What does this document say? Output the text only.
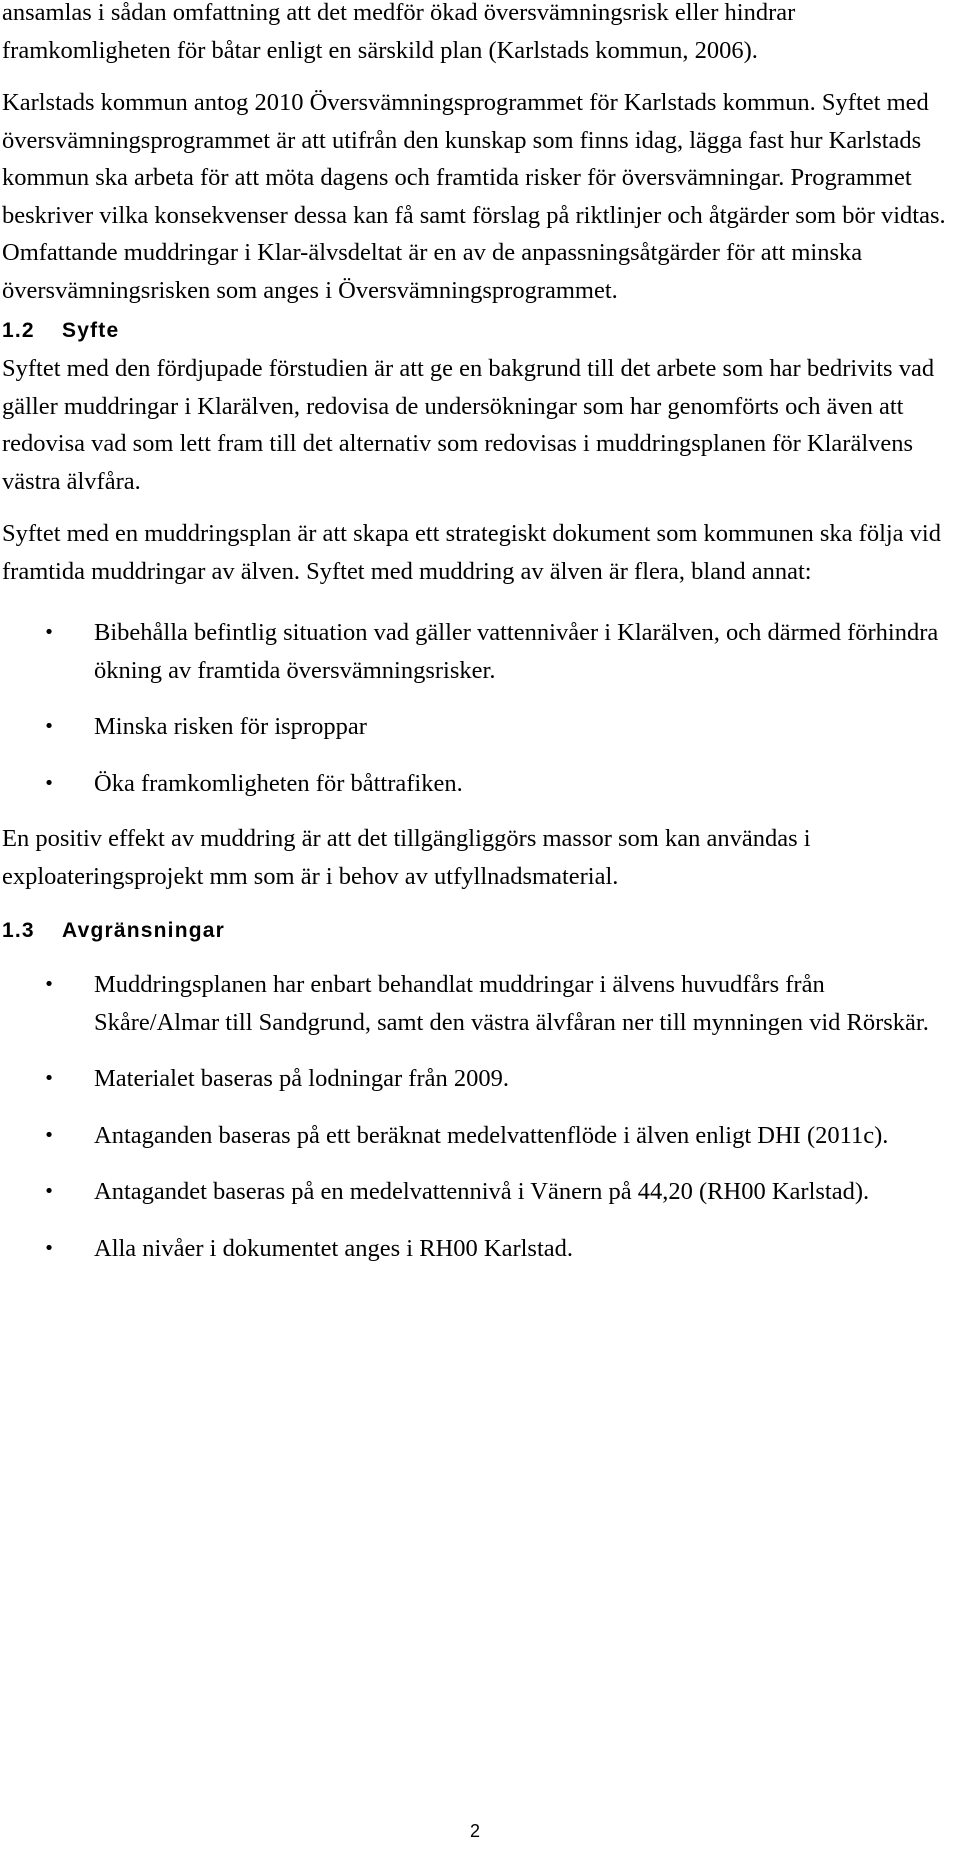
ansamlas i sådan omfattning att det medför ökad översvämningsrisk eller hindrar framkomligheten för båtar enligt en särskild plan (Karlstads kommun, 2006).

Karlstads kommun antog 2010 Översvämningsprogrammet för Karlstads kommun. Syftet med översvämningsprogrammet är att utifrån den kunskap som finns idag, lägga fast hur Karlstads kommun ska arbeta för att möta dagens och framtida risker för översvämningar. Programmet beskriver vilka konsekvenser dessa kan få samt förslag på riktlinjer och åtgärder som bör vidtas. Omfattande muddringar i Klar-älvsdeltat är en av de anpassningsåtgärder för att minska översvämningsrisken som anges i Översvämningsprogrammet.

1.2 Syfte

Syftet med den fördjupade förstudien är att ge en bakgrund till det arbete som har bedrivits vad gäller muddringar i Klarälven, redovisa de undersökningar som har genomförts och även att redovisa vad som lett fram till det alternativ som redovisas i muddringsplanen för Klarälvens västra älvfåra.

Syftet med en muddringsplan är att skapa ett strategiskt dokument som kommunen ska följa vid framtida muddringar av älven. Syftet med muddring av älven är flera, bland annat:

• Bibehålla befintlig situation vad gäller vattennivåer i Klarälven, och därmed förhindra ökning av framtida översvämningsrisker.
• Minska risken för isproppar
• Öka framkomligheten för båttrafiken.

En positiv effekt av muddring är att det tillgängliggörs massor som kan användas i exploateringsprojekt mm som är i behov av utfyllnadsmaterial.

1.3 Avgränsningar
• Muddringsplanen har enbart behandlat muddringar i älvens huvudfårs från Skåre/Almar till Sandgrund, samt den västra älvfåran ner till mynningen vid Rörskär.
• Materialet baseras på lodningar från 2009.
• Antaganden baseras på ett beräknat medelvattenflöde i älven enligt DHI (2011c).
• Antagandet baseras på en medelvattennivå i Vänern på 44,20 (RH00 Karlstad).
• Alla nivåer i dokumentet anges i RH00 Karlstad.
2
